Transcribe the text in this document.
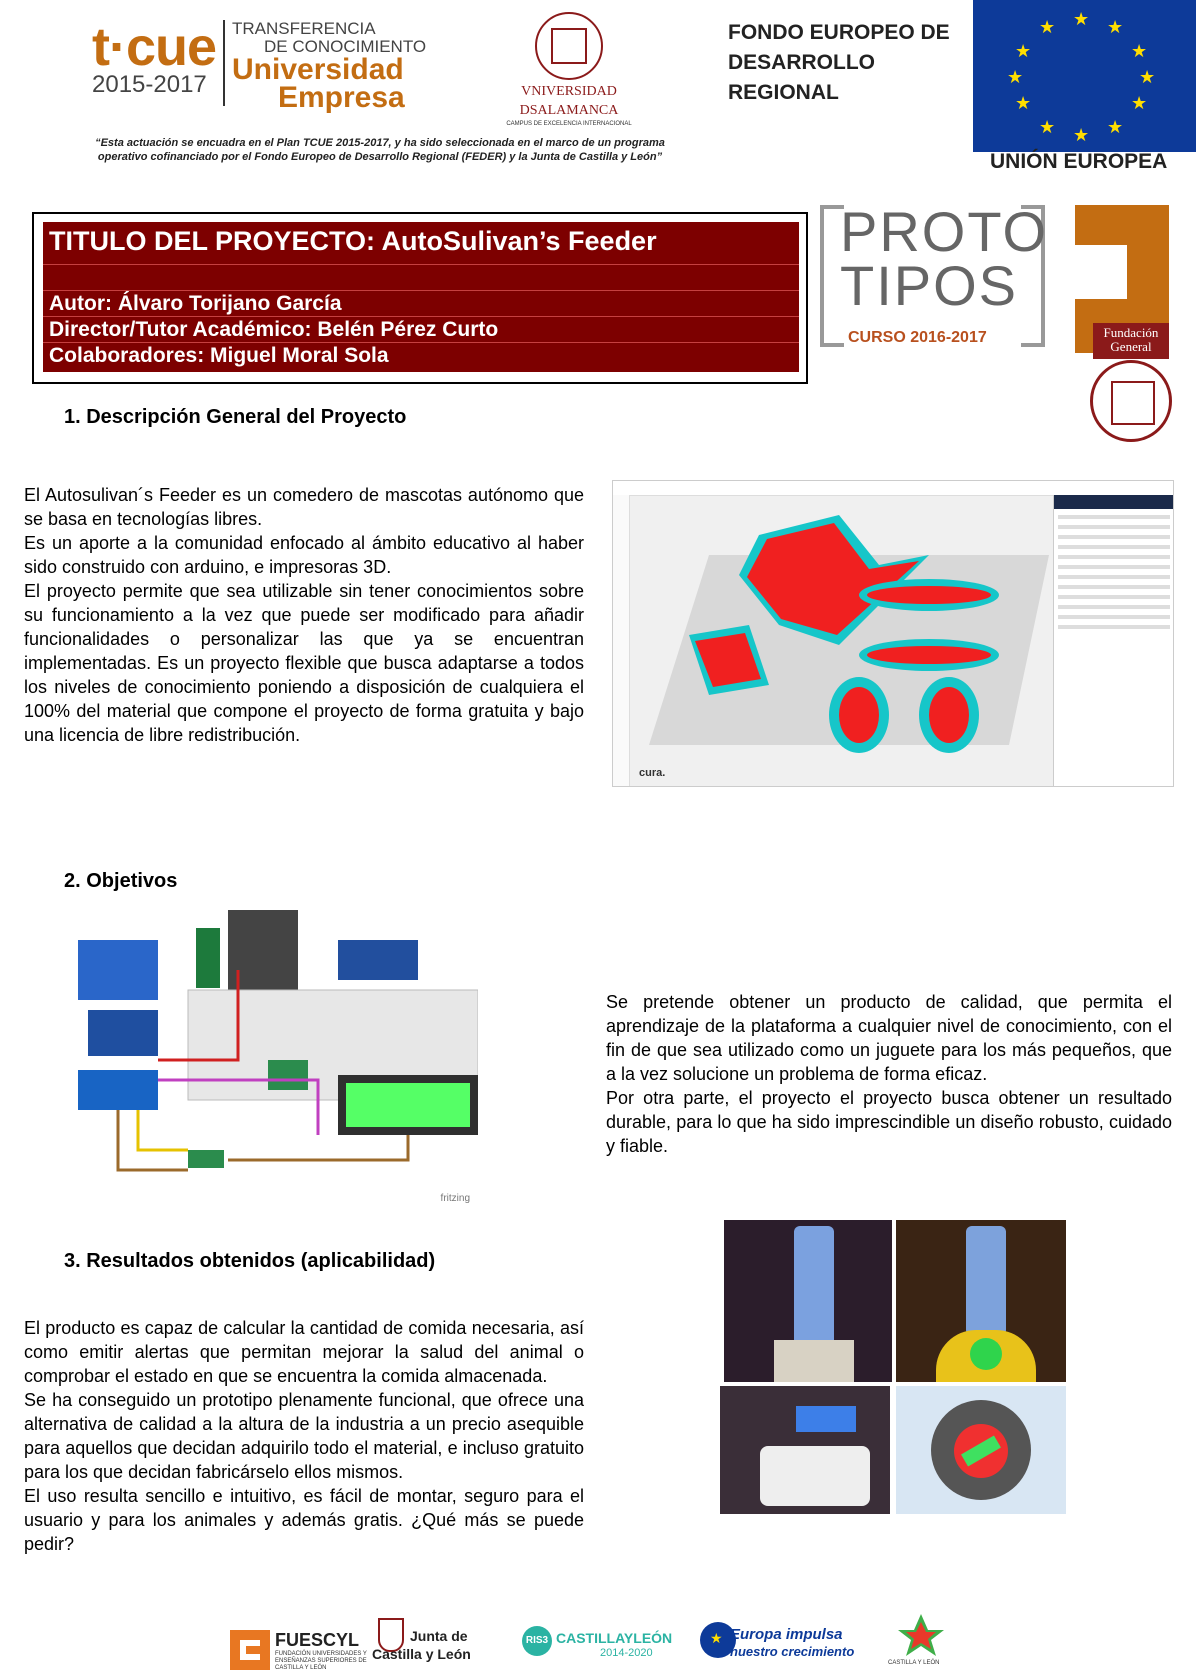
t·cue
2015-2017
TRANSFERENCIA
DE CONOCIMIENTO
Universidad
Empresa	VNIVERSIDAD
DSALAMANCA
CAMPUS DE EXCELENCIA INTERNACIONAL
FONDO EUROPEO DE
DESARROLLO
REGIONAL
★ ★
★
★
★
★
★
★
★
★
★
★
UNIÓN EUROPEA
“Esta actuación se encuadra en el Plan TCUE 2015-2017, y ha sido seleccionada en el marco de un programa
operativo cofinanciado por el Fondo Europeo de Desarrollo Regional (FEDER) y la Junta de Castilla y León”
TITULO DEL PROYECTO: AutoSulivan’s Feeder
Autor: Álvaro Torijano García
Director/Tutor Académico: Belén Pérez Curto
Colaboradores: Miguel Moral Sola
PROTO
TIPOS
CURSO 2016-2017	Fundación
General
1. Descripción General del Proyecto

El Autosulivan´s Feeder es un comedero de mascotas autónomo que se basa en tecnologías libres.

Es un aporte a la comunidad enfocado al ámbito educativo al haber sido construido con arduino, e impresoras 3D.

El proyecto permite que sea utilizable sin tener conocimientos sobre su funcionamiento a la vez que puede ser modificado para añadir funcionalidades o personalizar las que ya se encuentran implementadas. Es un proyecto flexible que busca adaptarse a todos los niveles de conocimiento poniendo a disposición de cualquiera el 100% del material que compone el proyecto de forma gratuita y bajo una licencia de libre redistribución.

cura.
2. Objetivos
fritzing

Se pretende obtener un producto de calidad, que permita el aprendizaje de la plataforma a cualquier nivel de conocimiento, con el fin de que sea utilizado como un juguete para los más pequeños, que a la vez solucione un problema de forma eficaz.

Por otra parte, el proyecto el proyecto busca obtener un resultado durable, para lo que ha sido imprescindible un diseño robusto, cuidado y fiable.

3. Resultados obtenidos (aplicabilidad)

El producto es capaz de calcular la cantidad de comida necesaria, así como emitir alertas que permitan mejorar la salud del animal o comprobar el estado en que se encuentra la comida almacenada.

Se ha conseguido un prototipo plenamente funcional, que ofrece una alternativa de calidad a la altura de la industria a un precio asequible para aquellos que decidan adquirilo todo el material, e incluso gratuito para los que decidan fabricárselo ellos mismos.

El uso resulta sencillo e intuitivo, es fácil de montar, seguro para el usuario y para los animales y además gratis. ¿Qué más se puede pedir?

FUESCYL
FUNDACIÓN UNIVERSIDADES Y ENSEÑANZAS SUPERIORES DE CASTILLA Y LEÓN
Junta de
Castilla y León
RIS3 CASTILLAYLEÓN
2014-2020
★ Europa impulsa
nuestro crecimiento
CASTILLA Y LEÓN
